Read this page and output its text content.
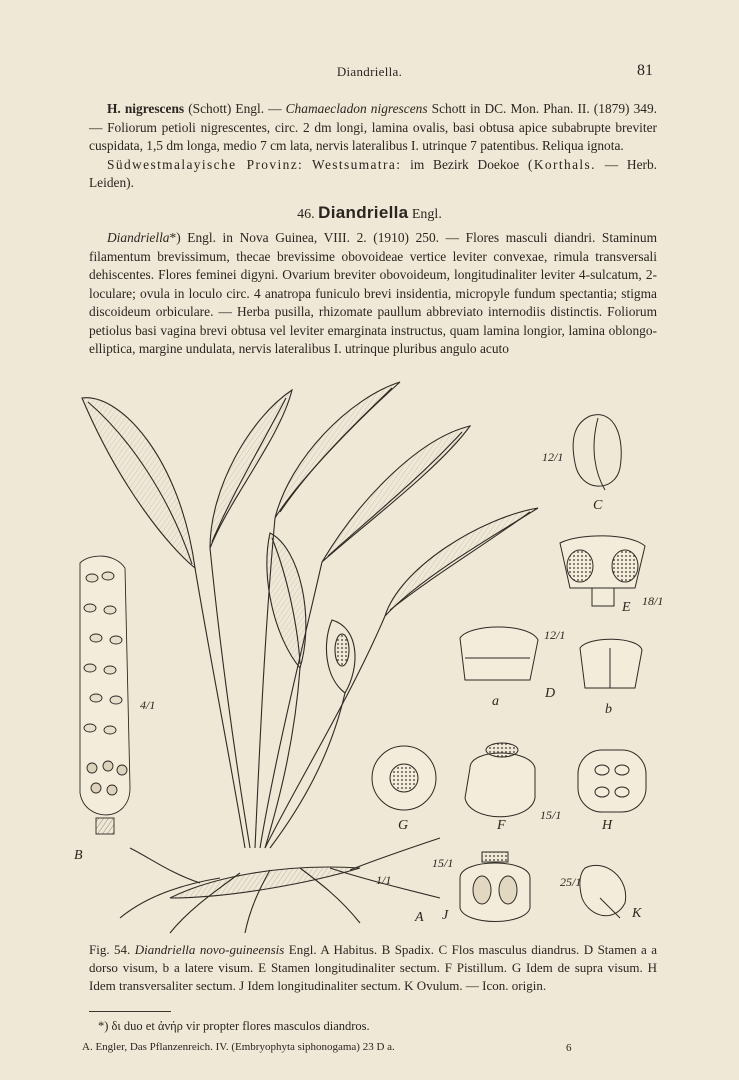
Diandriella.	81

H. nigrescens (Schott) Engl. — Chamaecladon nigrescens Schott in DC. Mon. Phan. II. (1879) 349. — Foliorum petioli nigrescentes, circ. 2 dm longi, lamina ovalis, basi obtusa apice subabrupte breviter cuspidata, 1,5 dm longa, medio 7 cm lata, nervis lateralibus I. utrinque 7 patentibus. Reliqua ignota.

Südwestmalayische Provinz: Westsumatra: im Bezirk Doekoe (Korthals. — Herb. Leiden).

46. Diandriella Engl.

Diandriella*) Engl. in Nova Guinea, VIII. 2. (1910) 250. — Flores masculi diandri. Staminum filamentum brevissimum, thecae brevissime obovoideae vertice leviter convexae, rimula transversali dehiscentes. Flores feminei digyni. Ovarium breviter obovoideum, longitudinaliter leviter 4-sulcatum, 2-loculare; ovula in loculo circ. 4 anatropa funiculo brevi insidentia, micropyle fundum spectantia; stigma discoideum orbiculare. — Herba pusilla, rhizomate paullum abbreviato internodiis distinctis. Foliorum petiolus basi vagina brevi obtusa vel leviter emarginata instructus, quam lamina longior, lamina oblongo-elliptica, margine undulata, nervis lateralibus I. utrinque pluribus angulo acuto

A
1/1
B
4/1
C
12/1
E 18/1
12/1
a
D
b
G	F
15/1
H
15/1
J
25/1
K

Fig. 54. Diandriella novo-guineensis Engl. A Habitus. B Spadix. C Flos masculus diandrus. D Stamen a a dorso visum, b a latere visum. E Stamen longitudinaliter sectum. F Pistillum. G Idem de supra visum. H Idem transversaliter sectum. J Idem longitudinaliter sectum. K Ovulum. — Icon. origin.

*) δι duo et ἀνήρ vir propter flores masculos diandros.
A. Engler, Das Pflanzenreich. IV. (Embryophyta siphonogama) 23 D a.	6
